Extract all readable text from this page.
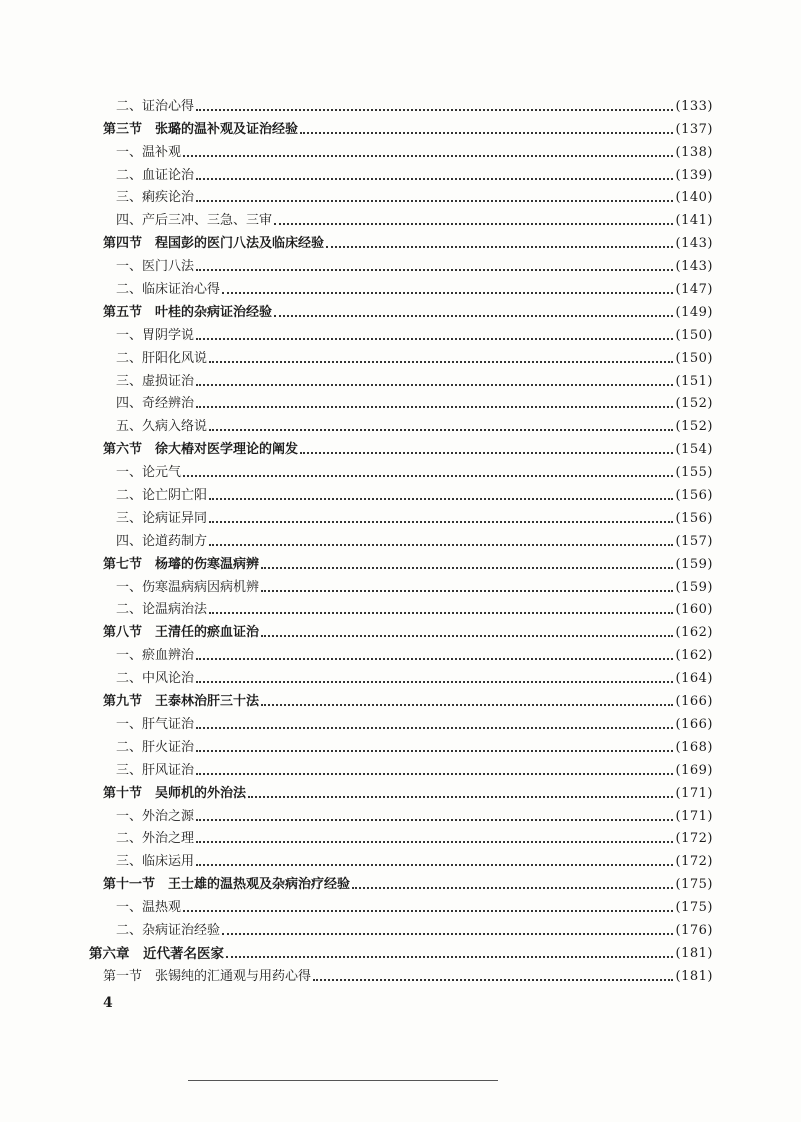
二、证治心得	(133)
第三节　张璐的温补观及证治经验	(137)
一、温补观	(138)
二、血证论治	(139)
三、痢疾论治	(140)
四、产后三冲、三急、三审	(141)
第四节　程国彭的医门八法及临床经验	(143)
一、医门八法	(143)
二、临床证治心得	(147)
第五节　叶桂的杂病证治经验	(149)
一、胃阴学说	(150)
二、肝阳化风说	(150)
三、虚损证治	(151)
四、奇经辨治	(152)
五、久病入络说	(152)
第六节　徐大椿对医学理论的阐发	(154)
一、论元气	(155)
二、论亡阴亡阳	(156)
三、论病证异同	(156)
四、论道药制方	(157)
第七节　杨璿的伤寒温病辨	(159)
一、伤寒温病病因病机辨	(159)
二、论温病治法	(160)
第八节　王清任的瘀血证治	(162)
一、瘀血辨治	(162)
二、中风论治	(164)
第九节　王泰林治肝三十法	(166)
一、肝气证治	(166)
二、肝火证治	(168)
三、肝风证治	(169)
第十节　吴师机的外治法	(171)
一、外治之源	(171)
二、外治之理	(172)
三、临床运用	(172)
第十一节　王士雄的温热观及杂病治疗经验	(175)
一、温热观	(175)
二、杂病证治经验	(176)
第六章　近代著名医家	(181)
第一节　张锡纯的汇通观与用药心得	(181)
4
